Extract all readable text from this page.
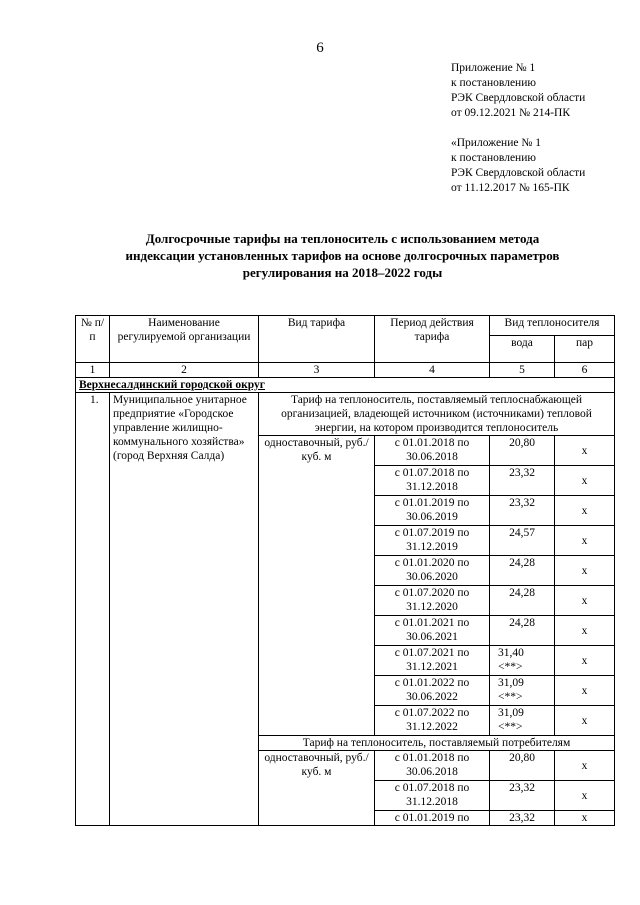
6
Приложение № 1
к постановлению
РЭК Свердловской области
от 09.12.2021 № 214-ПК
«Приложение № 1
к постановлению
РЭК Свердловской области
от 11.12.2017 № 165-ПК
Долгосрочные тарифы на теплоноситель с использованием метода
индексации установленных тарифов на основе долгосрочных параметров
регулирования на 2018–2022 годы
№ п/п	Наименование регулируемой организации	Вид тарифа	Период действия тарифа	Вид теплоносителя	
				вода	пар
1	2	3	4	5	6
Верхнесалдинский городской округ					
1.	Муниципальное унитарное предприятие «Городское управление жилищно-коммунального хозяйства» (город Верхняя Салда)	Тариф на теплоноситель, поставляемый теплоснабжающей организацией, владеющей источником (источниками) тепловой энергии, на котором производится теплоноситель			
		одноставочный, руб./куб. м	с 01.01.2018 по 30.06.2018	20,80	х
			с 01.07.2018 по 31.12.2018	23,32	х
			с 01.01.2019 по 30.06.2019	23,32	х
			с 01.07.2019 по 31.12.2019	24,57	х
			с 01.01.2020 по 30.06.2020	24,28	х
			с 01.07.2020 по 31.12.2020	24,28	х
			с 01.01.2021 по 30.06.2021	24,28	х
			с 01.07.2021 по 31.12.2021	31,40 <**>	х
			с 01.01.2022 по 30.06.2022	31,09 <**>	х
			с 01.07.2022 по 31.12.2022	31,09 <**>	х
		Тариф на теплоноситель, поставляемый потребителям			
		одноставочный, руб./куб. м	с 01.01.2018 по 30.06.2018	20,80	х
			с 01.07.2018 по 31.12.2018	23,32	х
			с 01.01.2019 по	23,32	х
